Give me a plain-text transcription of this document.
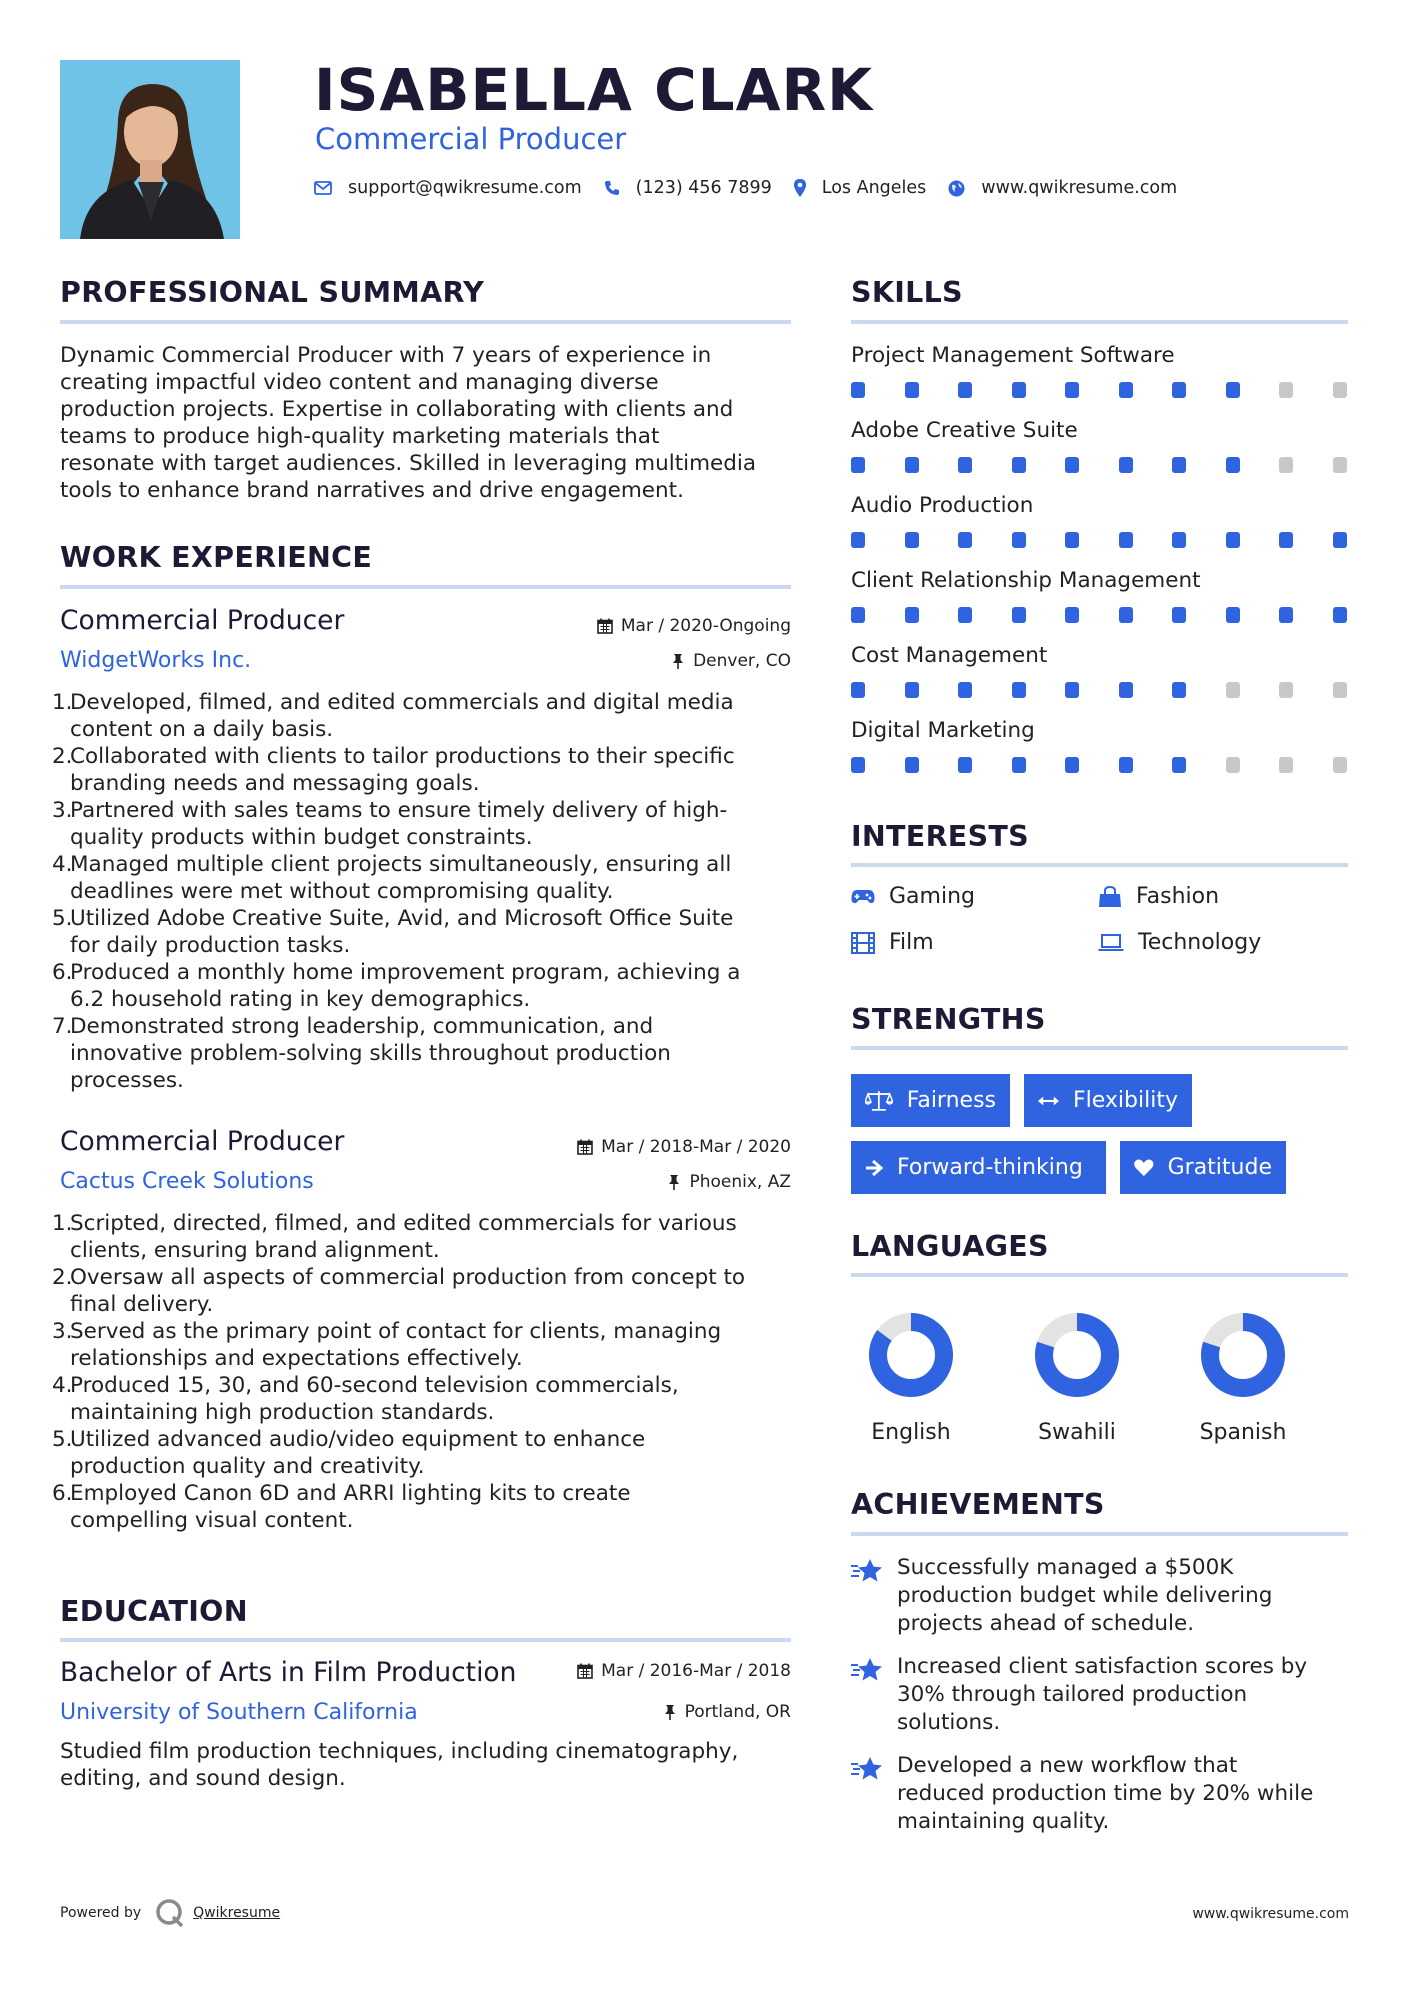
ISABELLA CLARK
Commercial Producer
support@qwikresume.com	(123) 456 7899	Los Angeles	www.qwikresume.com
PROFESSIONAL SUMMARY
Dynamic Commercial Producer with 7 years of experience in
creating impactful video content and managing diverse
production projects. Expertise in collaborating with clients and
teams to produce high-quality marketing materials that
resonate with target audiences. Skilled in leveraging multimedia
tools to enhance brand narratives and drive engagement.
WORK EXPERIENCE
Commercial Producer	Mar / 2020-Ongoing
WidgetWorks Inc.	Denver, CO
1.
Developed, filmed, and edited commercials and digital media
content on a daily basis.
2.
Collaborated with clients to tailor productions to their specific
branding needs and messaging goals.
3.
Partnered with sales teams to ensure timely delivery of high-
quality products within budget constraints.
4.
Managed multiple client projects simultaneously, ensuring all
deadlines were met without compromising quality.
5.
Utilized Adobe Creative Suite, Avid, and Microsoft Office Suite
for daily production tasks.
6.
Produced a monthly home improvement program, achieving a
6.2 household rating in key demographics.
7.
Demonstrated strong leadership, communication, and
innovative problem-solving skills throughout production
processes.
Commercial Producer	Mar / 2018-Mar / 2020
Cactus Creek Solutions	Phoenix, AZ
1.
Scripted, directed, filmed, and edited commercials for various
clients, ensuring brand alignment.
2.
Oversaw all aspects of commercial production from concept to
final delivery.
3.
Served as the primary point of contact for clients, managing
relationships and expectations effectively.
4.
Produced 15, 30, and 60-second television commercials,
maintaining high production standards.
5.
Utilized advanced audio/video equipment to enhance
production quality and creativity.
6.
Employed Canon 6D and ARRI lighting kits to create
compelling visual content.
EDUCATION
Bachelor of Arts in Film Production	Mar / 2016-Mar / 2018
University of Southern California	Portland, OR
Studied film production techniques, including cinematography,
editing, and sound design.
SKILLS
Project Management Software
Adobe Creative Suite
Audio Production
Client Relationship Management
Cost Management
Digital Marketing
INTERESTS
Gaming	Fashion
Film	Technology
STRENGTHS
Fairness	Flexibility
Forward-thinking	Gratitude
LANGUAGES
English	Swahili	Spanish
ACHIEVEMENTS
Successfully managed a $500K
production budget while delivering
projects ahead of schedule.
Increased client satisfaction scores by
30% through tailored production
solutions.
Developed a new workflow that
reduced production time by 20% while
maintaining quality.
Powered by	Qwikresume	www.qwikresume.com
